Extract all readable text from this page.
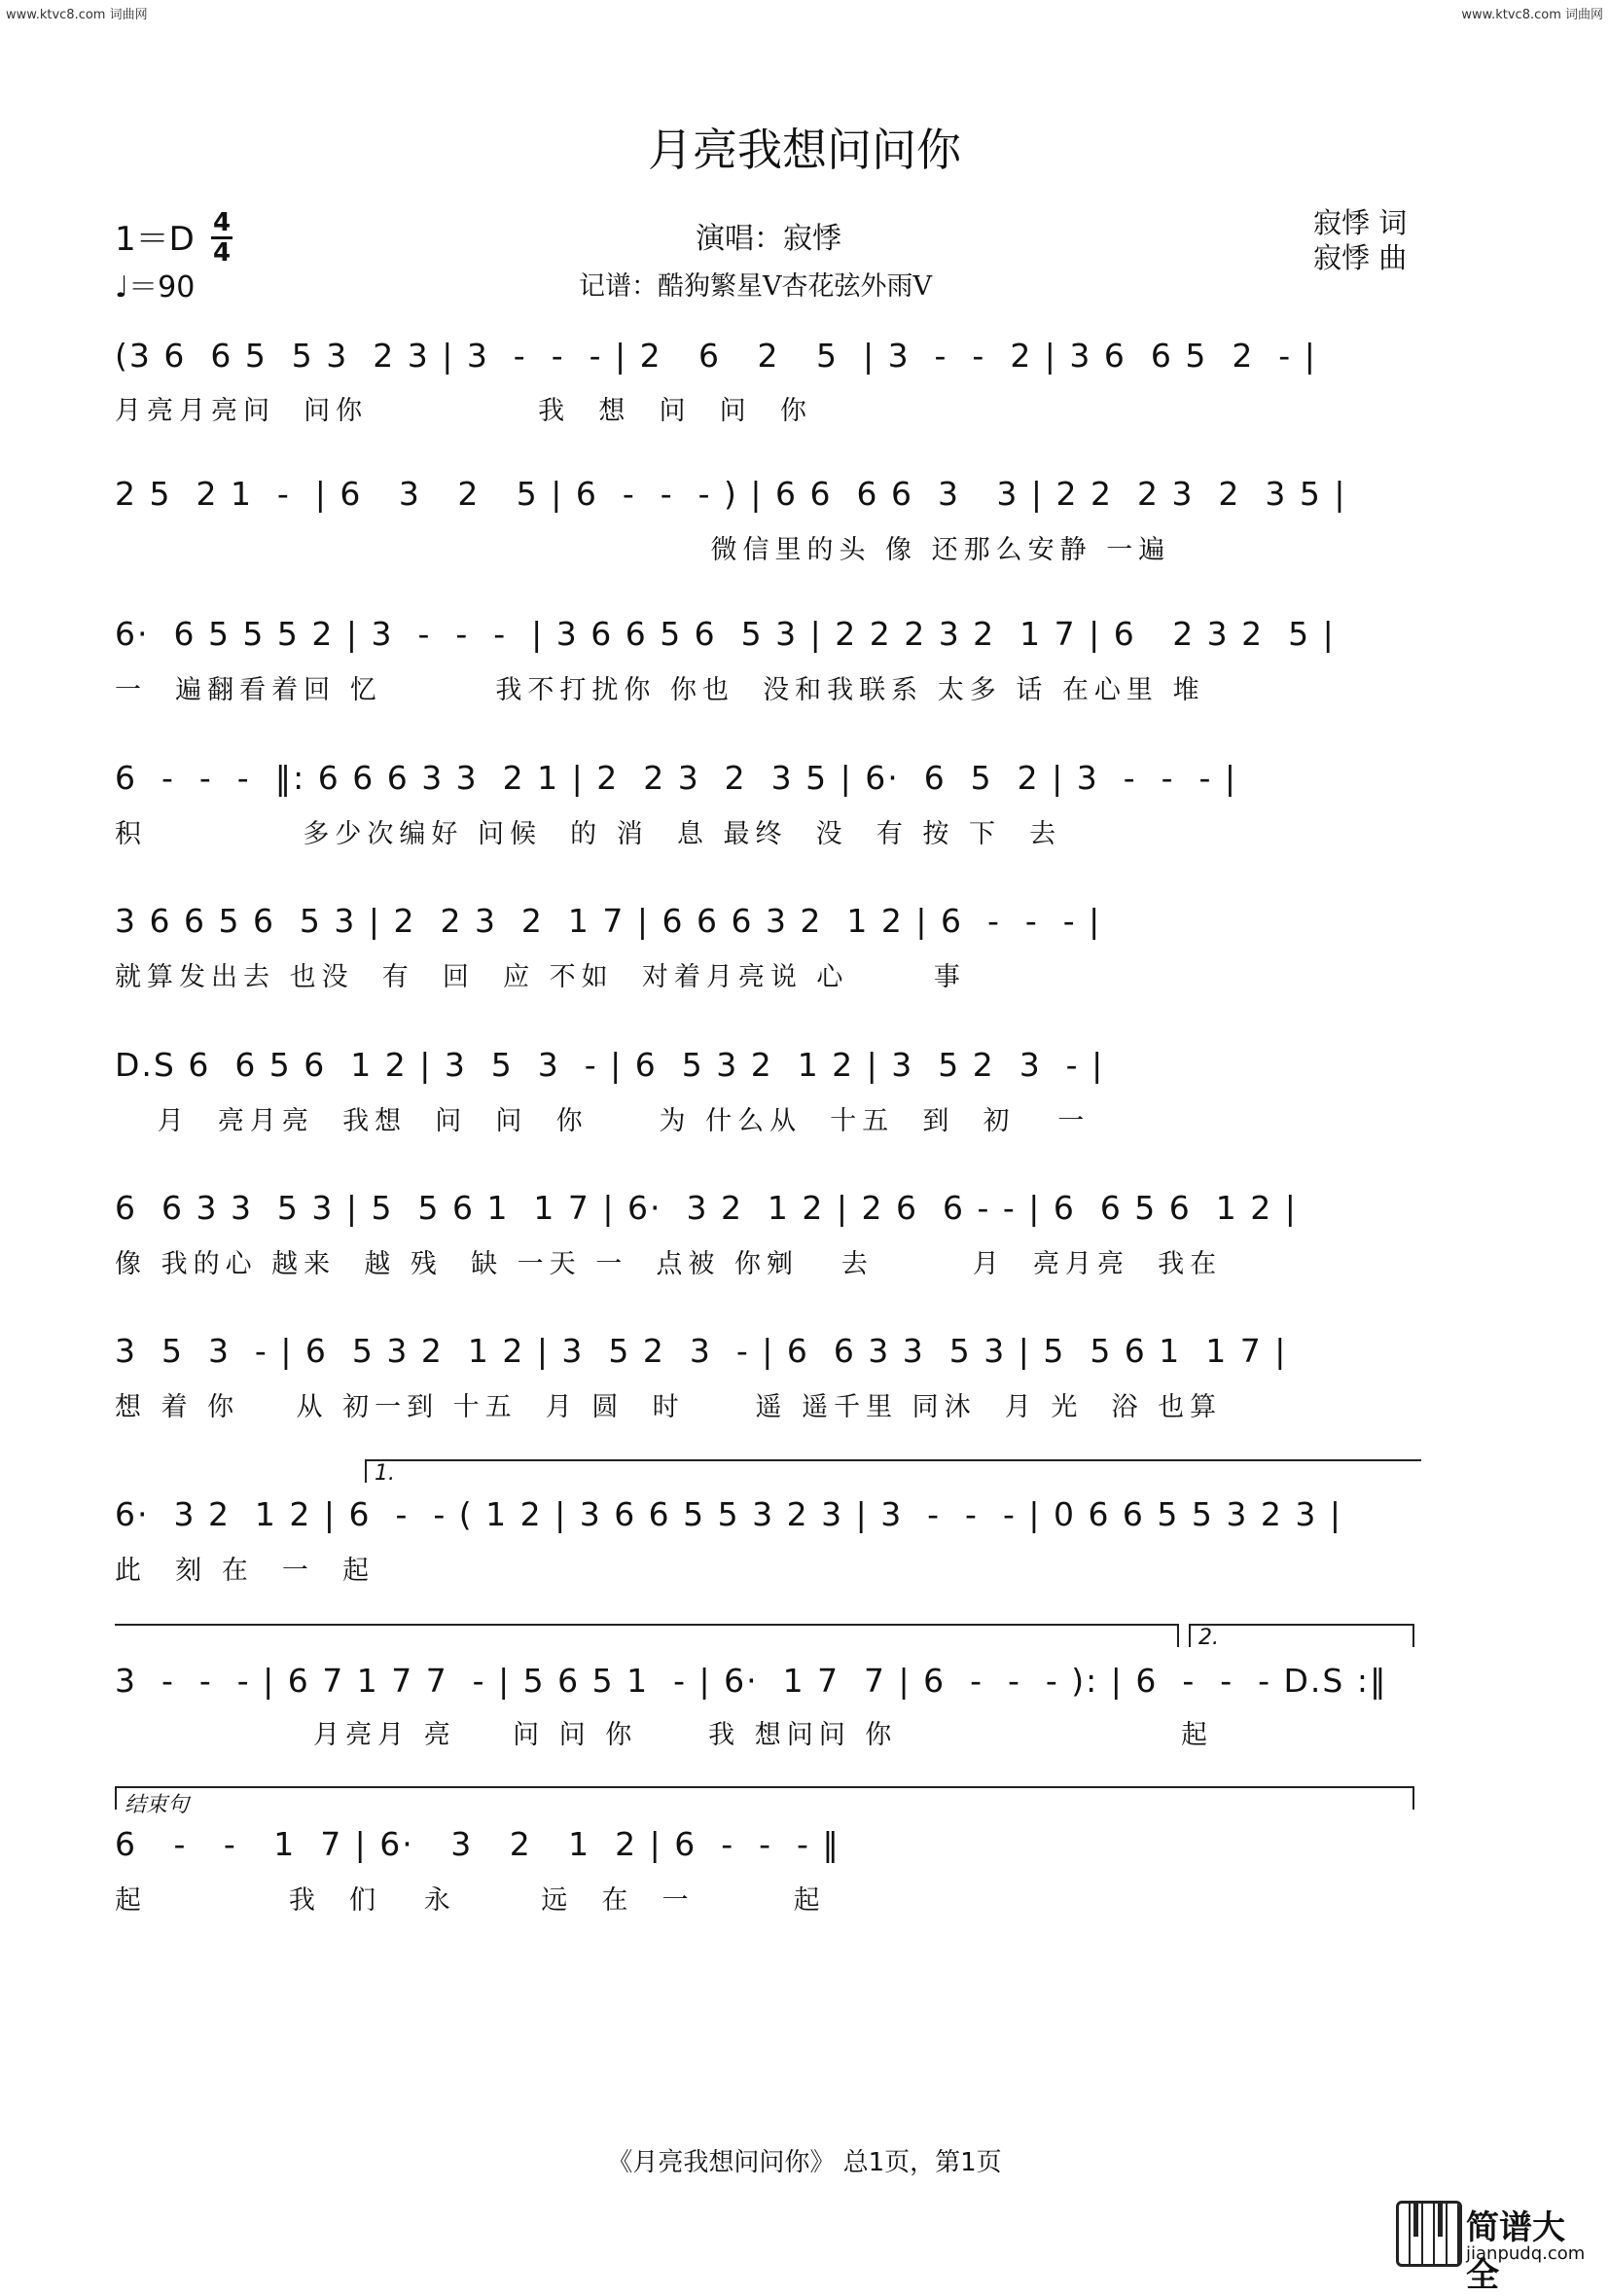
www.ktvc8.com 词曲网	www.ktvc8.com 词曲网
月亮我想问问你
1＝D 4
4
♩＝90
演唱：寂悸
记谱：酷狗繁星V杏花弦外雨V
寂悸 词
寂悸 曲
(3 6  6 5  5 3  2 3 | 3  -  -  - | 2   6   2   5  | 3  -  -  2 | 3 6  6 5  2  - |
月亮月亮问  问你            我  想  问  问  你
2 5  2 1  -  | 6   3   2   5 | 6  -  -  - ) | 6 6  6 6  3   3 | 2 2  2 3  2  3 5 |
微信里的头 像 还那么安静 一遍
6·  6 5 5 5 2 | 3  -  -  -  | 3 6 6 5 6  5 3 | 2 2 2 3 2  1 7 | 6   2 3 2  5 |
一  遍翻看着回 忆        我不打扰你 你也  没和我联系 太多 话 在心里 堆
6  -  -  -  ‖: 6 6 6 3 3  2 1 | 2  2 3  2  3 5 | 6·  6  5  2 | 3  -  -  - |
积           多少次编好 问候  的 消  息 最终  没  有 按 下  去
3 6 6 5 6  5 3 | 2  2 3  2  1 7 | 6 6 6 3 2  1 2 | 6  -  -  - |
就算发出去 也没  有  回  应 不如  对着月亮说 心      事
D.S 6  6 5 6  1 2 | 3  5  3  - | 6  5 3 2  1 2 | 3  5 2  3  - |
月  亮月亮  我想  问  问  你     为 什么从  十五  到  初   一
6  6 3 3  5 3 | 5  5 6 1  1 7 | 6·  3 2  1 2 | 2 6  6 - - | 6  6 5 6  1 2 |
像 我的心 越来  越 残  缺 一天 一  点被 你剜   去       月  亮月亮  我在
3  5  3  - | 6  5 3 2  1 2 | 3  5 2  3  - | 6  6 3 3  5 3 | 5  5 6 1  1 7 |
想 着 你    从 初一到 十五  月 圆  时     遥 遥千里 同沐  月 光  浴 也算
1.
6·  3 2  1 2 | 6  -  - ( 1 2 | 3 6 6 5 5 3 2 3 | 3  -  -  - | 0 6 6 5 5 3 2 3 |
此  刻 在  一  起
2.
3  -  -  - | 6 7 1 7 7  - | 5 6 5 1  - | 6·  1 7  7 | 6  -  -  - ): | 6  -  -  - D.S :‖
月亮月 亮    问 问 你     我 想问问 你                    起
结束句
6   -   -   1  7 | 6·   3   2   1  2 | 6  -  -  - ‖
起          我  们   永      远  在  一       起
《月亮我想问问你》 总1页，第1页
简谱大全
jianpudq.com
